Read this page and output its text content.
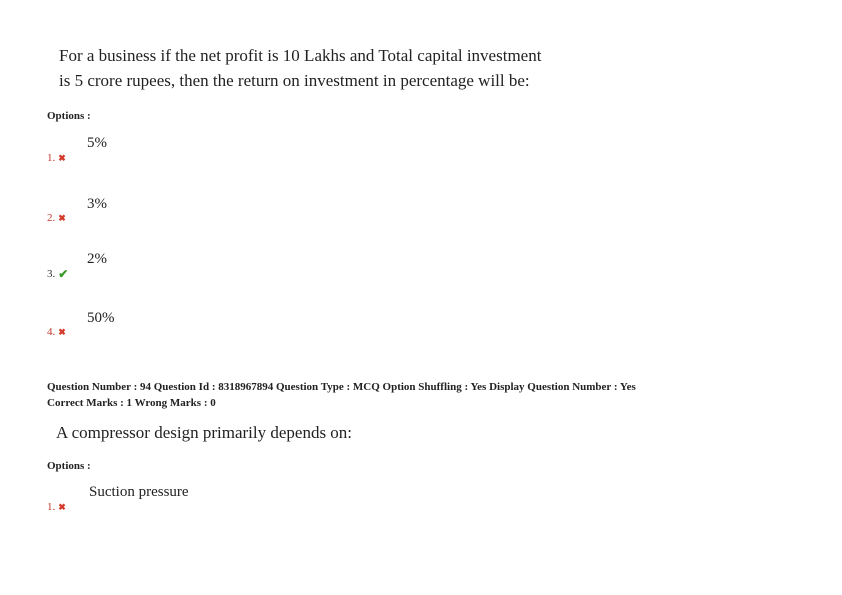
For a business if the net profit is 10 Lakhs and Total capital investment
is 5 crore rupees, then the return on investment in percentage will be:
Options :
5%
1. ✖
3%
2. ✖
2%
3. ✔
50%
4. ✖
Question Number : 94 Question Id : 8318967894 Question Type : MCQ Option Shuffling : Yes Display Question Number : Yes
Correct Marks : 1 Wrong Marks : 0
A compressor design primarily depends on:
Options :
Suction pressure
1. ✖
